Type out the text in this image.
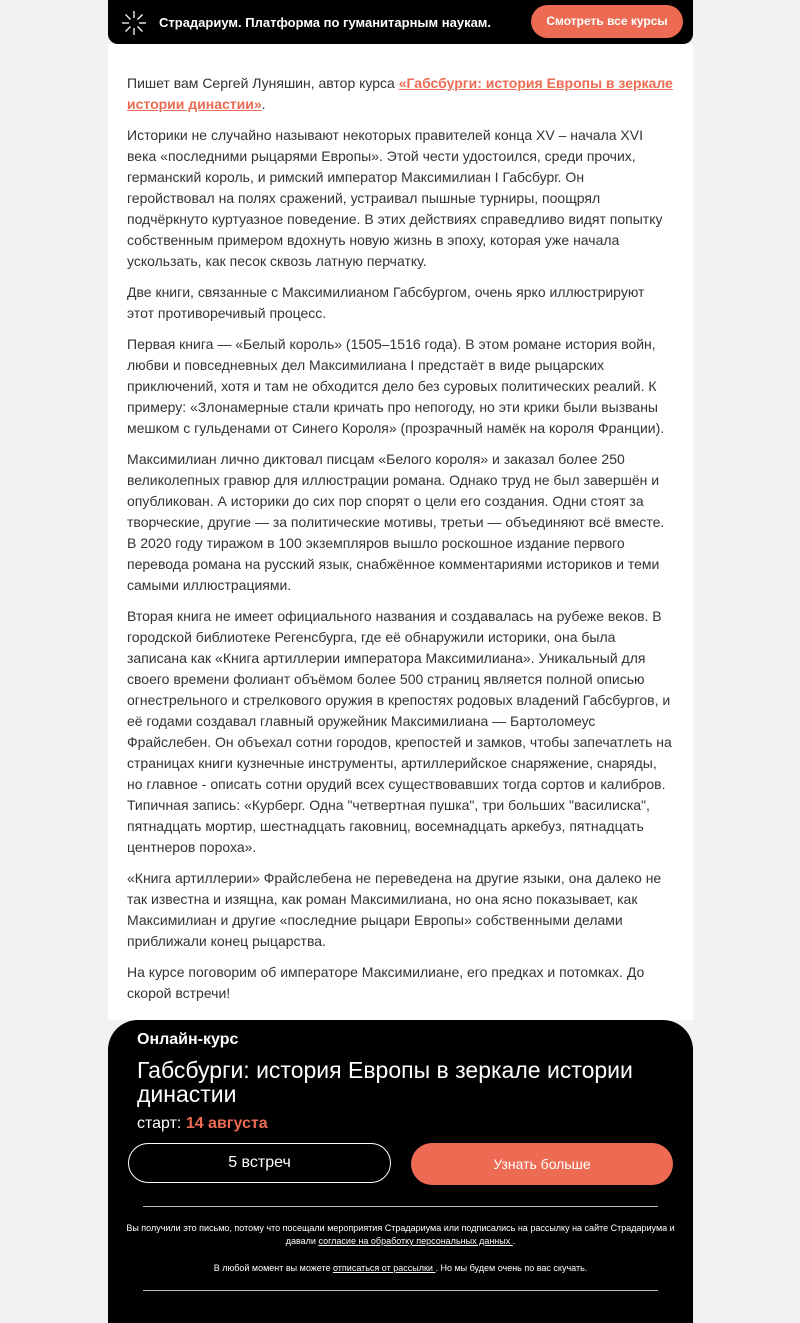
Страдариум. Платформа по гуманитарным наукам.	Смотреть все курсы

Пишет вам Сергей Луняшин, автор курса «Габсбурги: история Европы в зеркале истории династии».

Историки не случайно называют некоторых правителей конца XV – начала XVI века «последними рыцарями Европы». Этой чести удостоился, среди прочих, германский король, и римский император Максимилиан I Габсбург. Он геройствовал на полях сражений, устраивал пышные турниры, поощрял подчёркнуто куртуазное поведение. В этих действиях справедливо видят попытку собственным примером вдохнуть новую жизнь в эпоху, которая уже начала ускользать, как песок сквозь латную перчатку.

Две книги, связанные с Максимилианом Габсбургом, очень ярко иллюстрируют этот противоречивый процесс.

Первая книга — «Белый король» (1505–1516 года). В этом романе история войн, любви и повседневных дел Максимилиана I предстаёт в виде рыцарских приключений, хотя и там не обходится дело без суровых политических реалий. К примеру: «Злонамерные стали кричать про непогоду, но эти крики были вызваны мешком с гульденами от Синего Короля» (прозрачный намёк на короля Франции).

Максимилиан лично диктовал писцам «Белого короля» и заказал более 250 великолепных гравюр для иллюстрации романа. Однако труд не был завершён и опубликован. А историки до сих пор спорят о цели его создания. Одни стоят за творческие, другие — за политические мотивы, третьи — объединяют всё вместе. В 2020 году тиражом в 100 экземпляров вышло роскошное издание первого перевода романа на русский язык, снабжённое комментариями историков и теми самыми иллюстрациями.

Вторая книга не имеет официального названия и создавалась на рубеже веков. В городской библиотеке Регенсбурга, где её обнаружили историки, она была записана как «Книга артиллерии императора Максимилиана». Уникальный для своего времени фолиант объёмом более 500 страниц является полной описью огнестрельного и стрелкового оружия в крепостях родовых владений Габсбургов, и её годами создавал главный оружейник Максимилиана — Бартоломеус Фрайслебен. Он объехал сотни городов, крепостей и замков, чтобы запечатлеть на страницах книги кузнечные инструменты, артиллерийское снаряжение, снаряды, но главное - описать сотни орудий всех существовавших тогда сортов и калибров. Типичная запись: «Курберг. Одна "четвертная пушка", три больших "василиска", пятнадцать мортир, шестнадцать гаковниц, восемнадцать аркебуз, пятнадцать центнеров пороха».

«Книга артиллерии» Фрайслебена не переведена на другие языки, она далеко не так известна и изящна, как роман Максимилиана, но она ясно показывает, как Максимилиан и другие «последние рыцари Европы» собственными делами приближали конец рыцарства.

На курсе поговорим об императоре Максимилиане, его предках и потомках. До скорой встречи!

Онлайн-курс
Габсбурги: история Европы в зеркале истории династии
старт: 14 августа
5 встреч	Узнать больше
Вы получили это письмо, потому что посещали мероприятия Страдариума или подписались на рассылку на сайте Страдариума и давали согласие на обработку персональных данных .
В любой момент вы можете отписаться от рассылки . Но мы будем очень по вас скучать.
